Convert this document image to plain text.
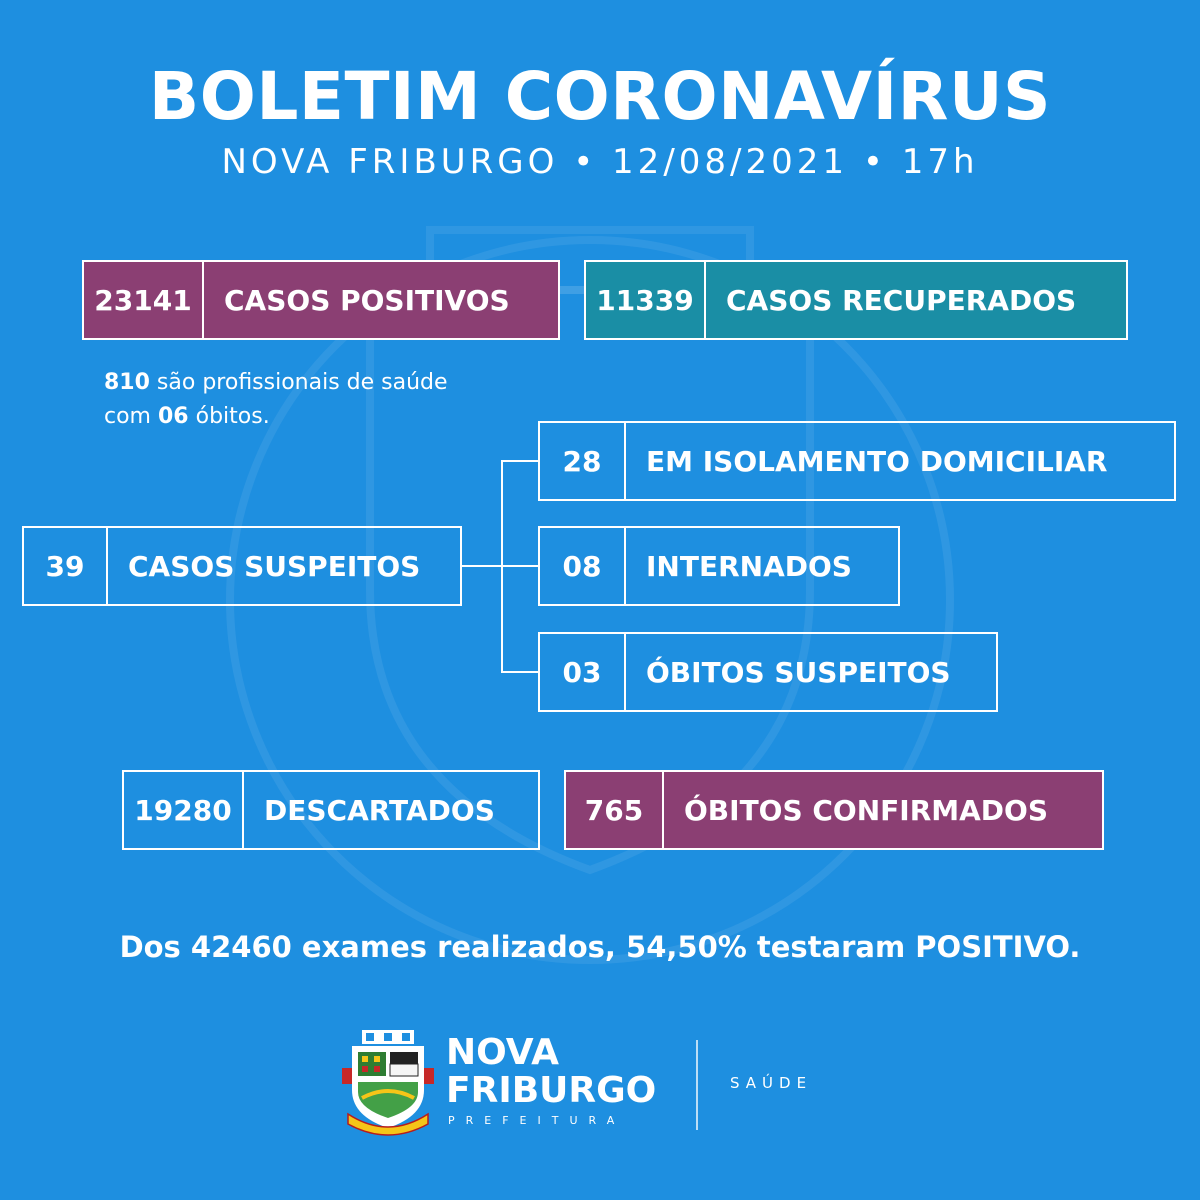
BOLETIM CORONAVÍRUS
NOVA FRIBURGO • 12/08/2021 • 17h
23141	CASOS POSITIVOS	11339	CASOS RECUPERADOS
810 são profissionais de saúde
com 06 óbitos.
39	CASOS SUSPEITOS
28	EM ISOLAMENTO DOMICILIAR
08	INTERNADOS
03	ÓBITOS SUSPEITOS
19280	DESCARTADOS	765	ÓBITOS CONFIRMADOS
Dos 42460 exames realizados, 54,50% testaram POSITIVO.
NOVA
FRIBURGO
PREFEITURA
SAÚDE
